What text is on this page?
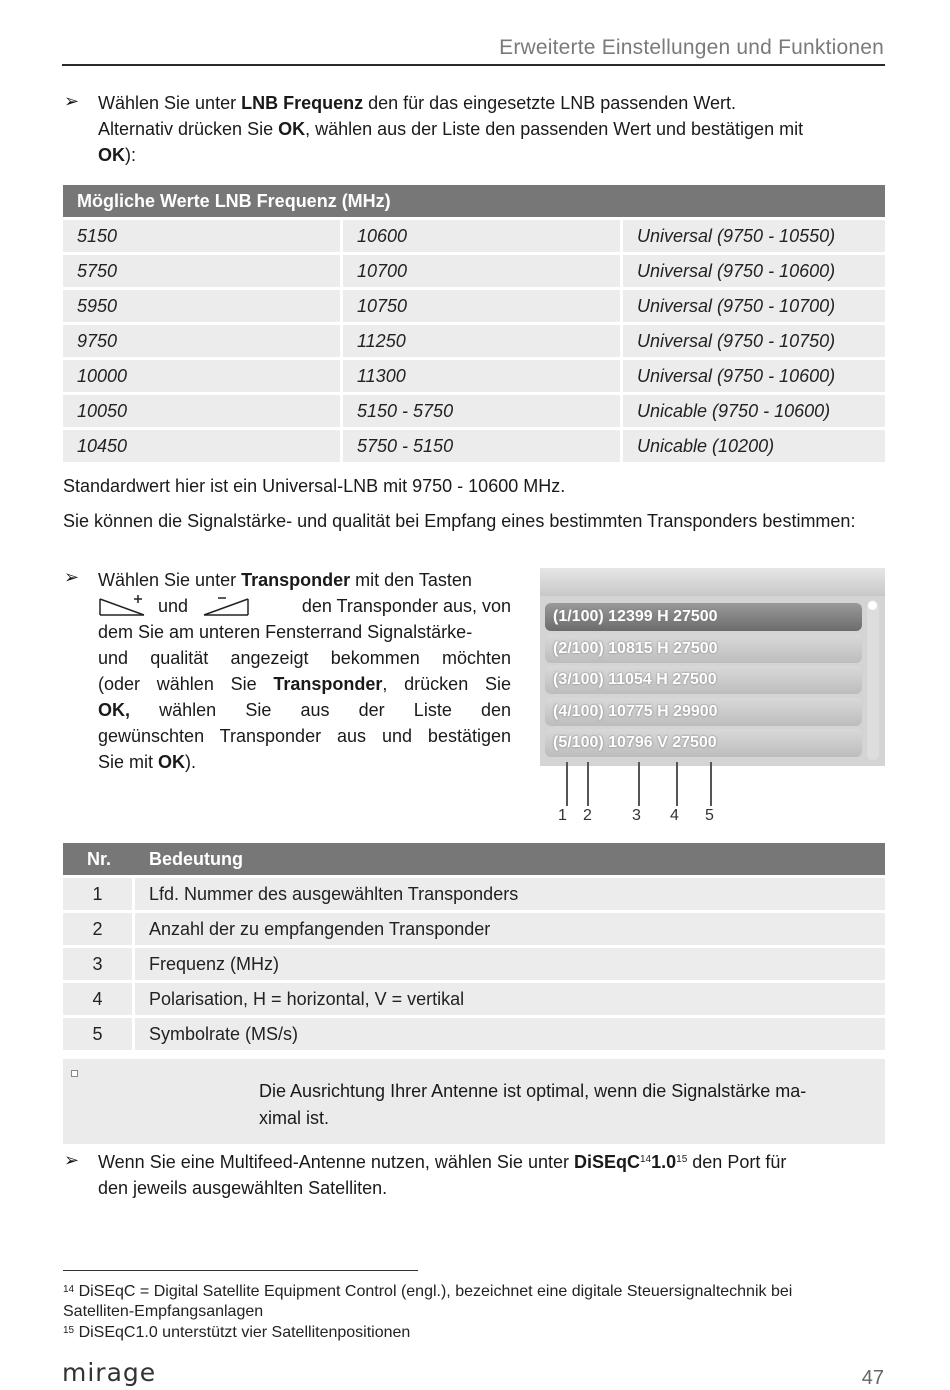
Erweiterte Einstellungen und Funktionen
➢ Wählen Sie unter LNB Frequenz den für das eingesetzte LNB passenden Wert.
Alternativ drücken Sie OK, wählen aus der Liste den passenden Wert und bestätigen mit
OK):
Mögliche Werte LNB Frequenz (MHz)		
5150	10600	Universal (9750 - 10550)
5750	10700	Universal (9750 - 10600)
5950	10750	Universal (9750 - 10700)
9750	11250	Universal (9750 - 10750)
10000	11300	Universal (9750 - 10600)
10050	5150 - 5750	Unicable (9750 - 10600)
10450	5750 - 5150	Unicable (10200)
Standardwert hier ist ein Universal-LNB mit 9750 - 10600 MHz.
Sie können die Signalstärke- und qualität bei Empfang eines bestimmten Transponders bestimmen:
➢ Wählen Sie unter Transponder mit den Tasten
und	den Transponder aus, von
dem Sie am unteren Fensterrand Signalstärke-
und qualität angezeigt bekommen möchten
(oder wählen Sie Transponder, drücken Sie
OK, wählen Sie aus der Liste den
gewünschten Transponder aus und bestätigen
Sie mit OK).
(1/100) 12399 H 27500
(2/100) 10815 H 27500
(3/100) 11054 H 27500
(4/100) 10775 H 29900
(5/100) 10796 V 27500
1 2	3 4 5
Nr.	Bedeutung
1	Lfd. Nummer des ausgewählten Transponders
2	Anzahl der zu empfangenden Transponder
3	Frequenz (MHz)
4	Polarisation, H = horizontal, V = vertikal
5	Symbolrate (MS/s)
Die Ausrichtung Ihrer Antenne ist optimal, wenn die Signalstärke ma-
ximal ist.
➢ Wenn Sie eine Multifeed-Antenne nutzen, wählen Sie unter $DiSEqC^{14}1.0^{15}$ den Port für
den jeweils ausgewählten Satelliten.
$^{14}$ DiSEqC = Digital Satellite Equipment Control (engl.), bezeichnet eine digitale Steuersignaltechnik bei
Satelliten-Empfangsanlagen
$^{15}$ DiSEqC1.0 unterstützt vier Satellitenpositionen
mirage	47
